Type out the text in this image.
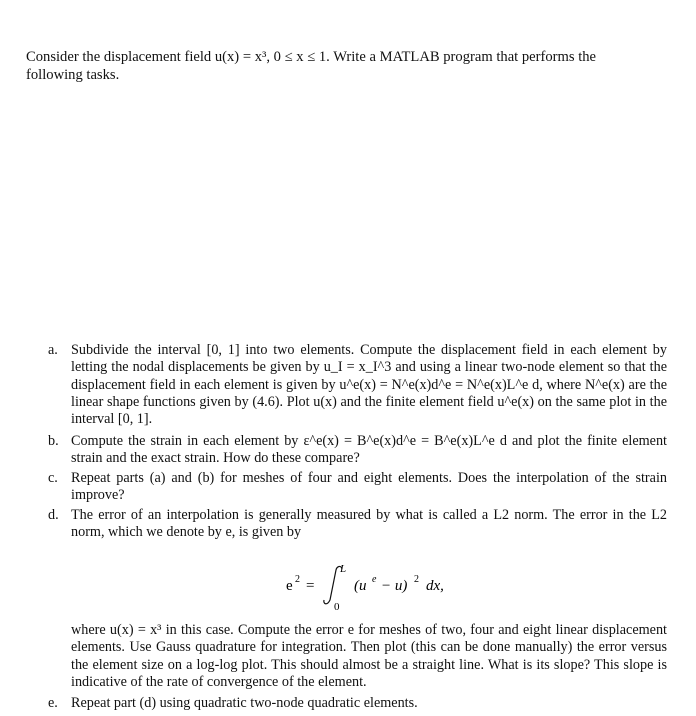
Consider the displacement field u(x) = x³, 0 ≤ x ≤ 1. Write a MATLAB program that performs the
following tasks.
a. Subdivide the interval [0, 1] into two elements. Compute the displacement field in each element by letting the nodal displacements be given by u_I = x_I^3 and using a linear two-node element so that the displacement field in each element is given by u^e(x) = N^e(x)d^e = N^e(x)L^e d, where N^e(x) are the linear shape functions given by (4.6). Plot u(x) and the finite element field u^e(x) on the same plot in the interval [0, 1].
b. Compute the strain in each element by ε^e(x) = B^e(x)d^e = B^e(x)L^e d and plot the finite element strain and the exact strain. How do these compare?
c. Repeat parts (a) and (b) for meshes of four and eight elements. Does the interpolation of the strain improve?
d. The error of an interpolation is generally measured by what is called a L2 norm. The error in the L2 norm, which we denote by e, is given by
e 2 =
L
0
(u e − u) 2 dx,
where u(x) = x³ in this case. Compute the error e for meshes of two, four and eight linear displacement elements. Use Gauss quadrature for integration. Then plot (this can be done manually) the error versus the element size on a log-log plot. This should almost be a straight line. What is its slope? This slope is indicative of the rate of convergence of the element.
e. Repeat part (d) using quadratic two-node quadratic elements.
